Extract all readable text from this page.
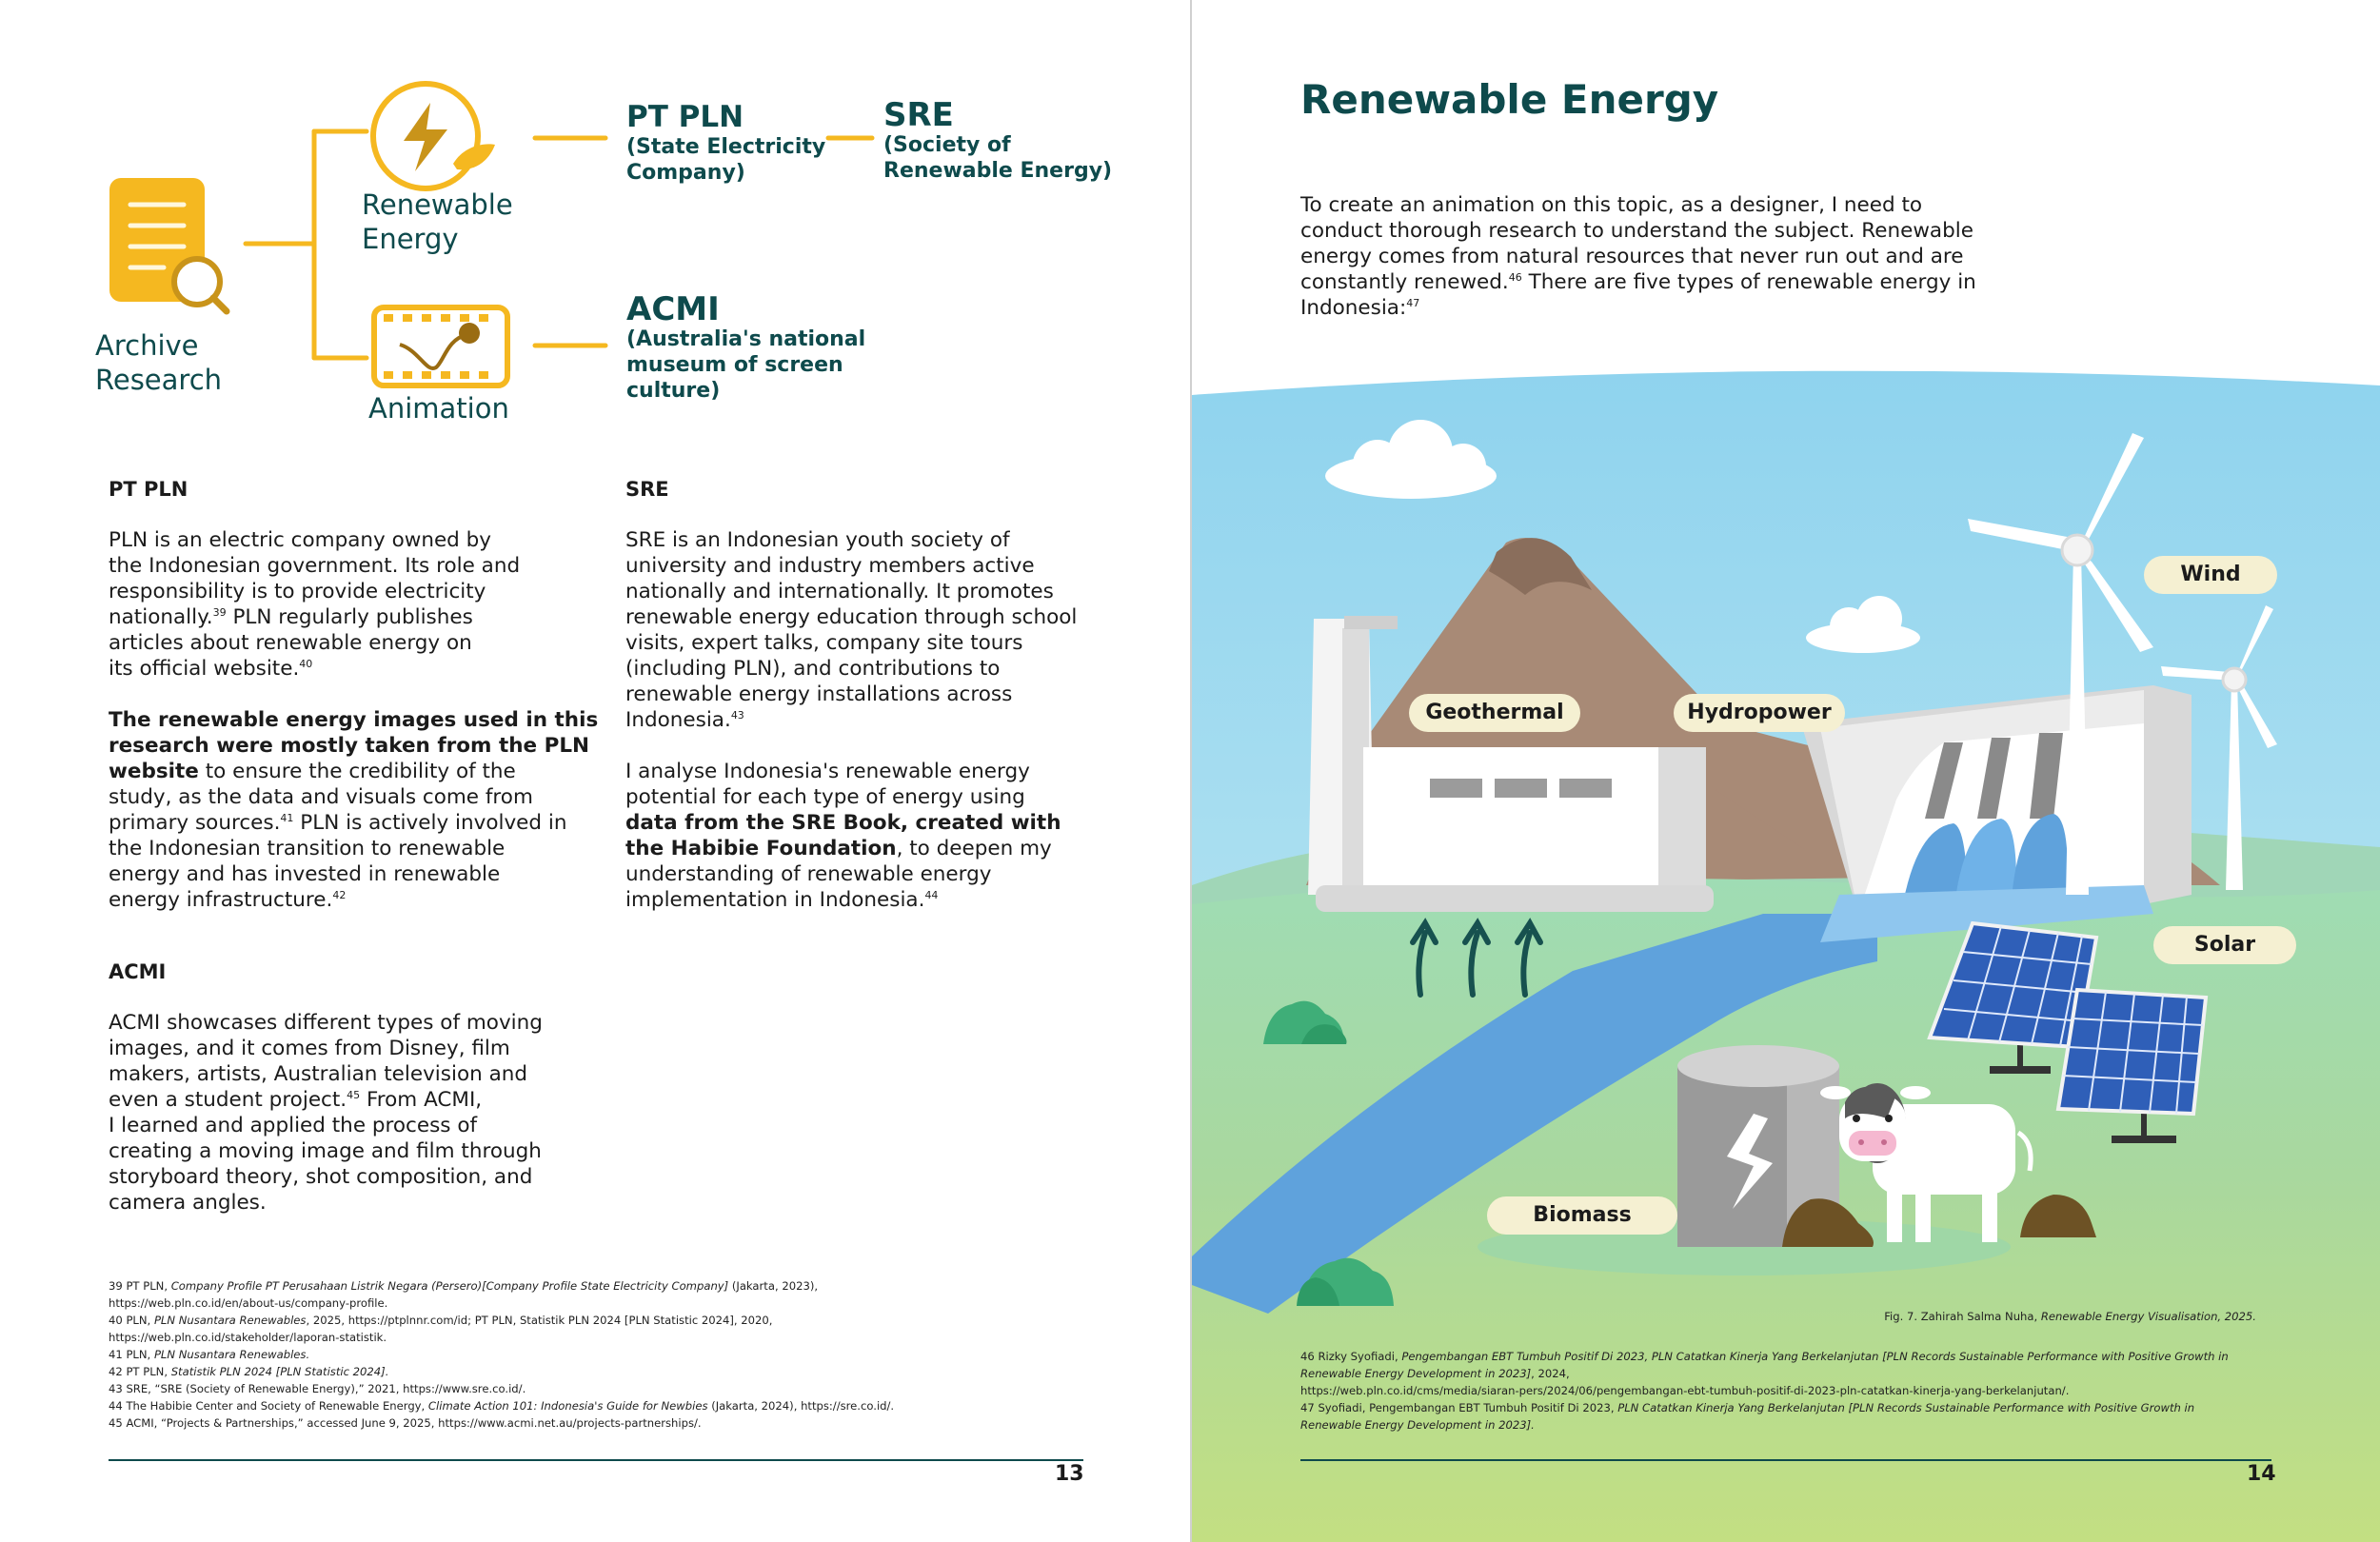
Archive
Research
Renewable
Energy
Animation
PT PLN
(State Electricity
Company)
SRE
(Society of
Renewable Energy)
ACMI
(Australia's national
museum of screen
culture)
PT PLN

PLN is an electric company owned by
the Indonesian government. Its role and
responsibility is to provide electricity
nationally.$^{39}$ PLN regularly publishes
articles about renewable energy on
its official website.$^{40}$

The renewable energy images used in this
research were mostly taken from the PLN
website to ensure the credibility of the
study, as the data and visuals come from
primary sources.$^{41}$ PLN is actively involved in
the Indonesian transition to renewable
energy and has invested in renewable
energy infrastructure.$^{42}$

SRE

SRE is an Indonesian youth society of
university and industry members active
nationally and internationally. It promotes
renewable energy education through school
visits, expert talks, company site tours
(including PLN), and contributions to
renewable energy installations across
Indonesia.$^{43}$

I analyse Indonesia's renewable energy
potential for each type of energy using
data from the SRE Book, created with
the Habibie Foundation, to deepen my
understanding of renewable energy
implementation in Indonesia.$^{44}$

ACMI

ACMI showcases different types of moving
images, and it comes from Disney, film
makers, artists, Australian television and
even a student project.$^{45}$ From ACMI,
I learned and applied the process of
creating a moving image and film through
storyboard theory, shot composition, and
camera angles.

39 PT PLN, Company Profile PT Perusahaan Listrik Negara (Persero)[Company Profile State Electricity Company] (Jakarta, 2023),
https://web.pln.co.id/en/about-us/company-profile.
40 PLN, PLN Nusantara Renewables, 2025, https://ptplnnr.com/id; PT PLN, Statistik PLN 2024 [PLN Statistic 2024], 2020,
https://web.pln.co.id/stakeholder/laporan-statistik.
41 PLN, PLN Nusantara Renewables.
42 PT PLN, Statistik PLN 2024 [PLN Statistic 2024].
43 SRE, “SRE (Society of Renewable Energy),” 2021, https://www.sre.co.id/.
44 The Habibie Center and Society of Renewable Energy, Climate Action 101: Indonesia's Guide for Newbies (Jakarta, 2024), https://sre.co.id/.
45 ACMI, “Projects & Partnerships,” accessed June 9, 2025, https://www.acmi.net.au/projects-partnerships/.
13
Renewable Energy
To create an animation on this topic, as a designer, I need to
conduct thorough research to understand the subject. Renewable
energy comes from natural resources that never run out and are
constantly renewed.$^{46}$ There are five types of renewable energy in
Indonesia:$^{47}$
Wind
Geothermal	Hydropower
Solar
Biomass
Fig. 7. Zahirah Salma Nuha, Renewable Energy Visualisation, 2025.
46 Rizky Syofiadi, Pengembangan EBT Tumbuh Positif Di 2023, PLN Catatkan Kinerja Yang Berkelanjutan [PLN Records Sustainable Performance with Positive Growth in
Renewable Energy Development in 2023], 2024,
https://web.pln.co.id/cms/media/siaran-pers/2024/06/pengembangan-ebt-tumbuh-positif-di-2023-pln-catatkan-kinerja-yang-berkelanjutan/.
47 Syofiadi, Pengembangan EBT Tumbuh Positif Di 2023, PLN Catatkan Kinerja Yang Berkelanjutan [PLN Records Sustainable Performance with Positive Growth in
Renewable Energy Development in 2023].
14
